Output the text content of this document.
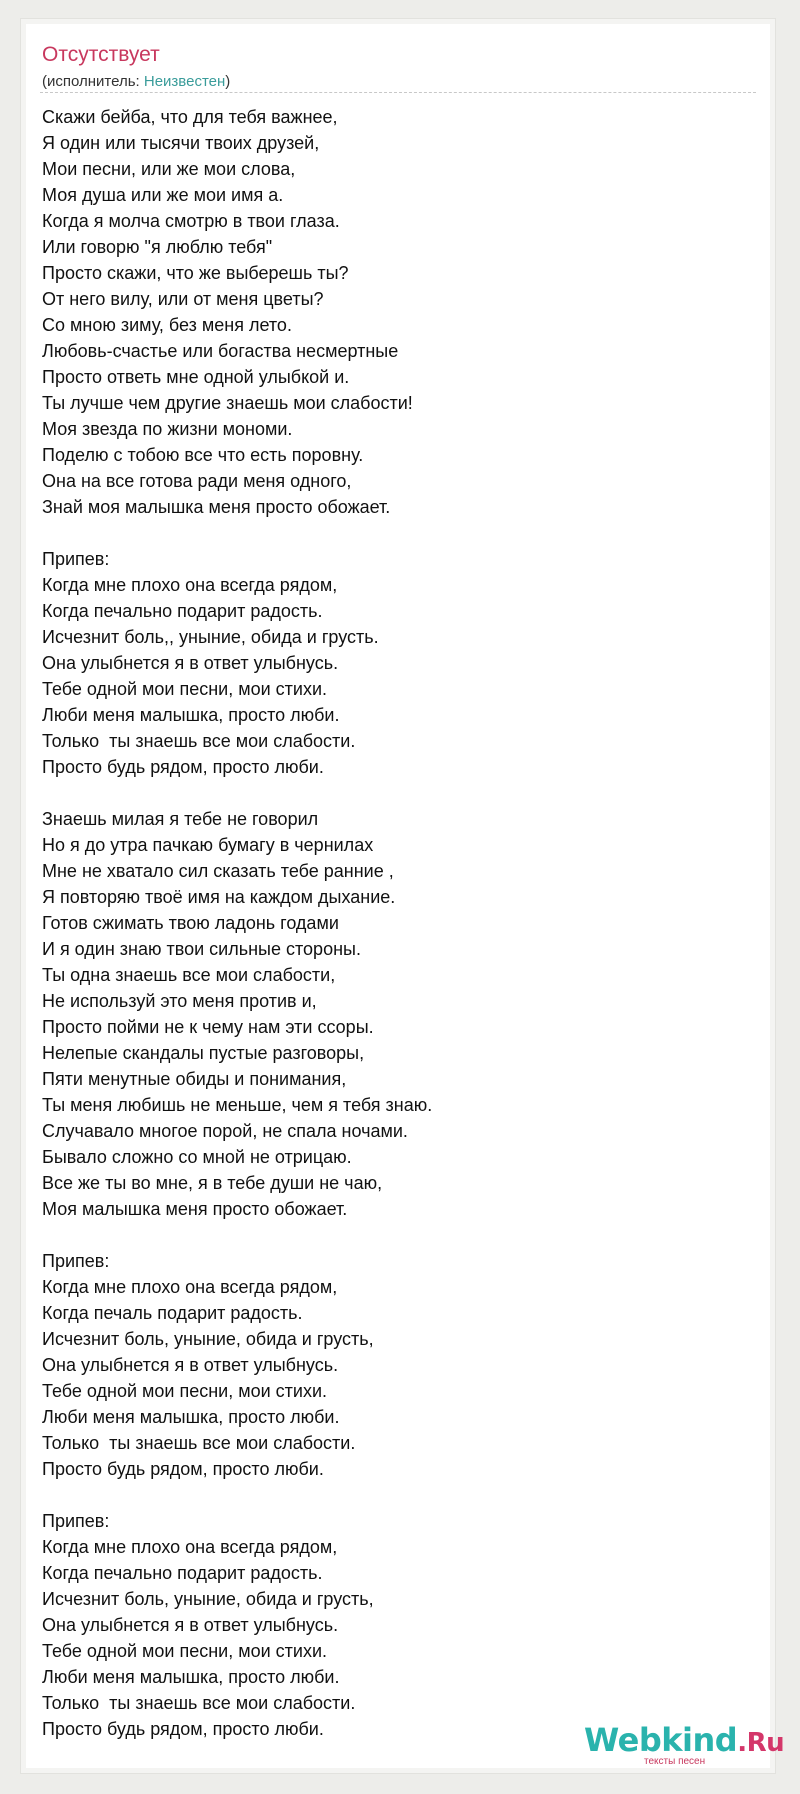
Отсутствует
(исполнитель: Неизвестен)
Скажи бейба, что для тебя важнее,
Я один или тысячи твоих друзей,
Мои песни, или же мои слова,
Моя душа или же мои имя а.
Когда я молча смотрю в твои глаза.
Или говорю "я люблю тебя"
Просто скажи, что же выберешь ты?
От него вилу, или от меня цветы?
Со мною зиму, без меня лето.
Любовь-счастье или богаства несмертные
Просто ответь мне одной улыбкой и.
Ты лучше чем другие знаешь мои слабости!
Моя звезда по жизни мономи.
Поделю с тобою все что есть поровну.
Она на все готова ради меня одного,
Знай моя малышка меня просто обожает.
Припев:
Когда мне плохо она всегда рядом,
Когда печально подарит радость.
Исчезнит боль,, уныние, обида и грусть.
Она улыбнется я в ответ улыбнусь.
Тебе одной мои песни, мои стихи.
Люби меня малышка, просто люби.
Только  ты знаешь все мои слабости.
Просто будь рядом, просто люби.
Знаешь милая я тебе не говорил
Но я до утра пачкаю бумагу в чернилах
Мне не хватало сил сказать тебе ранние ,
Я повторяю твоё имя на каждом дыхание.
Готов сжимать твою ладонь годами
И я один знаю твои сильные стороны.
Ты одна знаешь все мои слабости,
Не используй это меня против и,
Просто пойми не к чему нам эти ссоры.
Нелепые скандалы пустые разговоры,
Пяти менутные обиды и понимания,
Ты меня любишь не меньше, чем я тебя знаю.
Случавало многое порой, не спала ночами.
Бывало сложно со мной не отрицаю.
Все же ты во мне, я в тебе души не чаю,
Моя малышка меня просто обожает.
Припев:
Когда мне плохо она всегда рядом,
Когда печаль подарит радость.
Исчезнит боль, уныние, обида и грусть,
Она улыбнется я в ответ улыбнусь.
Тебе одной мои песни, мои стихи.
Люби меня малышка, просто люби.
Только  ты знаешь все мои слабости.
Просто будь рядом, просто люби.
Припев:
Когда мне плохо она всегда рядом,
Когда печально подарит радость.
Исчезнит боль, уныние, обида и грусть,
Она улыбнется я в ответ улыбнусь.
Тебе одной мои песни, мои стихи.
Люби меня малышка, просто люби.
Только  ты знаешь все мои слабости.
Просто будь рядом, просто люби.	Webkind.Ru
тексты песен
